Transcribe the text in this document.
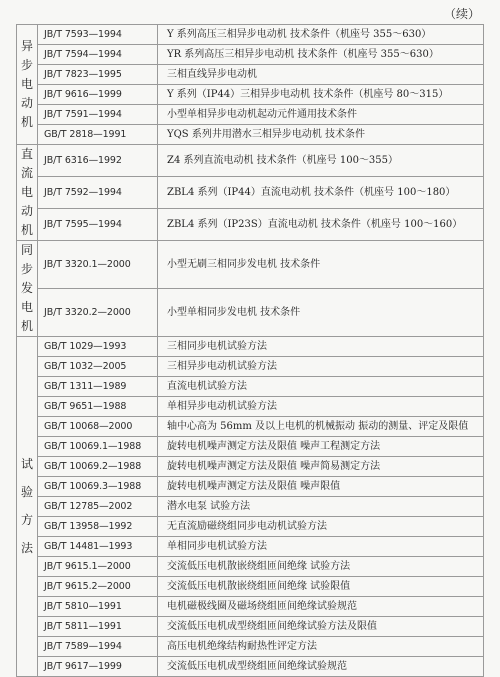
（续）
异
步
电
动
机	JB/T 7593—1994	Y 系列高压三相异步电动机 技术条件（机座号 355～630）
	JB/T 7594—1994	YR 系列高压三相异步电动机 技术条件（机座号 355～630）
	JB/T 7823—1995	三相直线异步电动机
	JB/T 9616—1999	Y 系列（IP44）三相异步电动机 技术条件（机座号 80～315）
	JB/T 7591—1994	小型单相异步电动机起动元件通用技术条件
	GB/T 2818—1991	YQS 系列井用潜水三相异步电动机 技术条件

直
流
电
动
机	JB/T 6316—1992	Z4 系列直流电动机 技术条件（机座号 100～355）
	JB/T 7592—1994	ZBL4 系列（IP44）直流电动机 技术条件（机座号 100～180）
	JB/T 7595—1994	ZBL4 系列（IP23S）直流电动机 技术条件（机座号 100～160）

同
步
发
电
机	JB/T 3320.1—2000	小型无刷三相同步发电机 技术条件
	JB/T 3320.2—2000	小型单相同步发电机 技术条件

试
验
方
法	GB/T 1029—1993	三相同步电机试验方法
	GB/T 1032—2005	三相异步电动机试验方法
	GB/T 1311—1989	直流电机试验方法
	GB/T 9651—1988	单相异步电动机试验方法
	GB/T 10068—2000	轴中心高为 56mm 及以上电机的机械振动 振动的测量、评定及限值
	GB/T 10069.1—1988	旋转电机噪声测定方法及限值 噪声工程测定方法
	GB/T 10069.2—1988	旋转电机噪声测定方法及限值 噪声简易测定方法
	GB/T 10069.3—1988	旋转电机噪声测定方法及限值 噪声限值
	GB/T 12785—2002	潜水电泵 试验方法
	GB/T 13958—1992	无直流励磁绕组同步电动机试验方法
	GB/T 14481—1993	单相同步电机试验方法
	JB/T 9615.1—2000	交流低压电机散嵌绕组匝间绝缘 试验方法
	JB/T 9615.2—2000	交流低压电机散嵌绕组匝间绝缘 试验限值
	JB/T 5810—1991	电机磁极线圈及磁场绕组匝间绝缘试验规范
	JB/T 5811—1991	交流低压电机成型绕组匝间绝缘试验方法及限值
	JB/T 7589—1994	高压电机绝缘结构耐热性评定方法
	JB/T 9617—1999	交流低压电机成型绕组匝间绝缘试验规范
